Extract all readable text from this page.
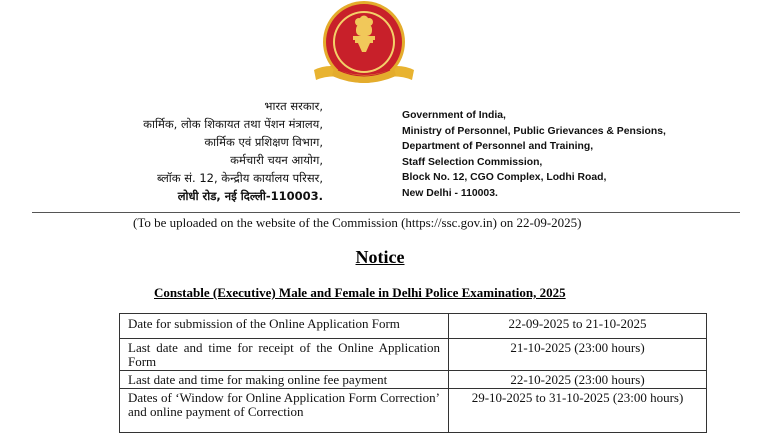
भारत सरकार,
कार्मिक, लोक शिकायत तथा पेंशन मंत्रालय,
कार्मिक एवं प्रशिक्षण विभाग,
कर्मचारी चयन आयोग,
ब्लॉक सं. 12, केन्द्रीय कार्यालय परिसर,
लोधी रोड, नई दिल्ली-110003.
Government of India,
Ministry of Personnel, Public Grievances & Pensions,
Department of Personnel and Training,
Staff Selection Commission,
Block No. 12, CGO Complex, Lodhi Road,
New Delhi - 110003.
(To be uploaded on the website of the Commission (https://ssc.gov.in) on 22-09-2025)
Notice
Constable (Executive) Male and Female in Delhi Police Examination, 2025
Date for submission of the Online Application Form	22-09-2025 to 21-10-2025
Last date and time for receipt of the Online Application Form	21-10-2025 (23:00 hours)
Last date and time for making online fee payment	22-10-2025 (23:00 hours)
Dates of ‘Window for Online Application Form Correction’ and online payment of Correction	29-10-2025 to 31-10-2025 (23:00 hours)
